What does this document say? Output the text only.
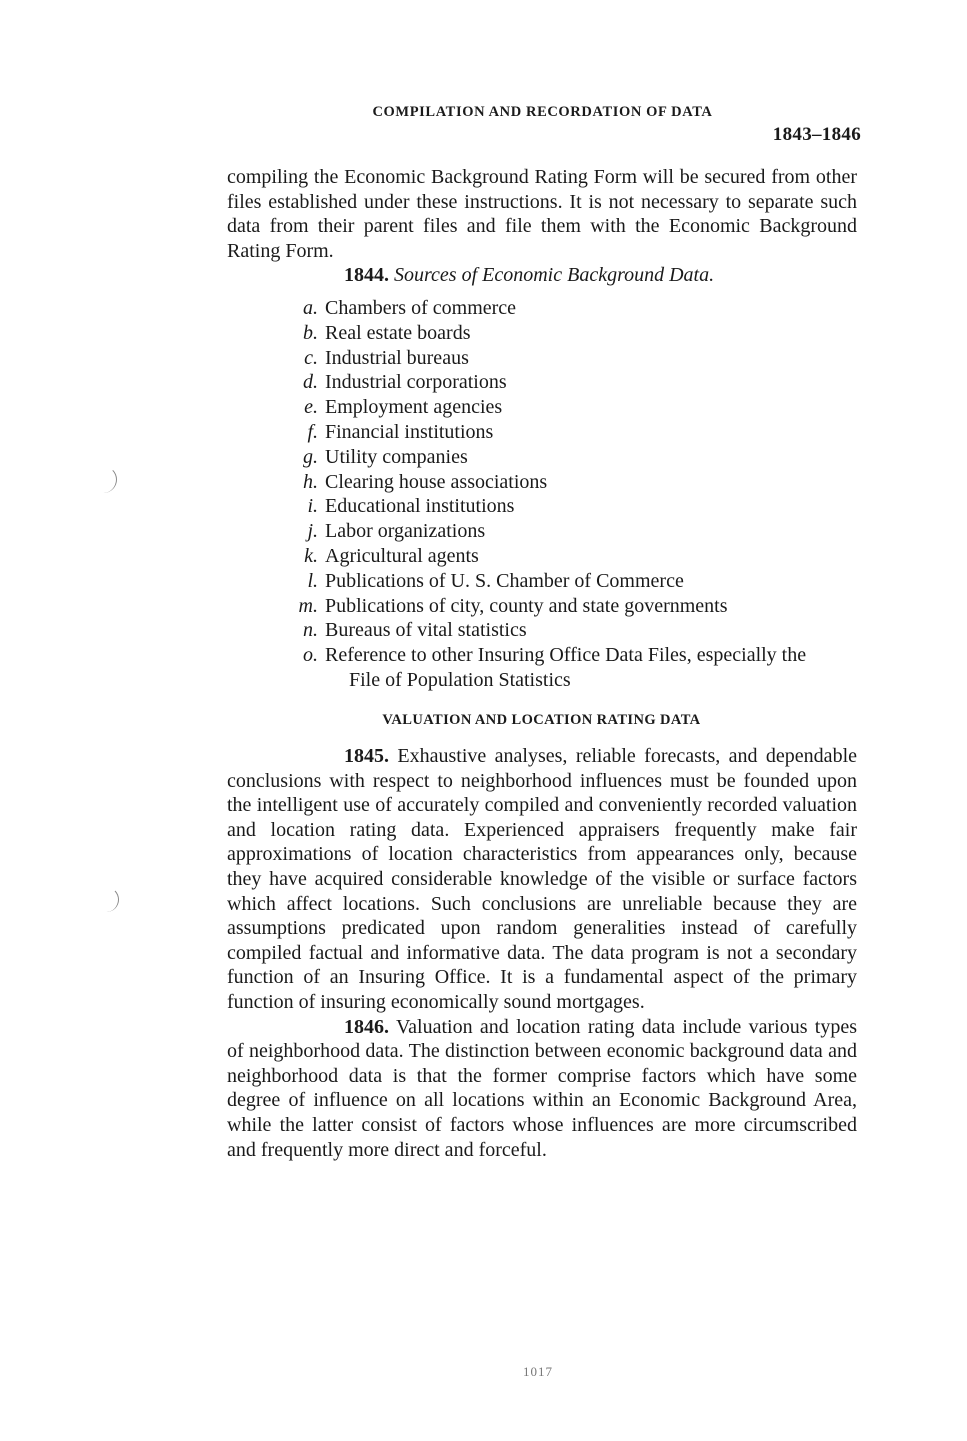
COMPILATION AND RECORDATION OF DATA
1843–1846

compiling the Economic Background Rating Form will be secured from other files established under these instructions. It is not necessary to separate such data from their parent files and file them with the Economic Background Rating Form.

1844. Sources of Economic Background Data.
a. Chambers of commerce
b. Real estate boards
c. Industrial bureaus
d. Industrial corporations
e. Employment agencies
f. Financial institutions
g. Utility companies
h. Clearing house associations
i. Educational institutions
j. Labor organizations
k. Agricultural agents
l. Publications of U. S. Chamber of Commerce
m. Publications of city, county and state governments
n. Bureaus of vital statistics
o. Reference to other Insuring Office Data Files, especially the
File of Population Statistics
VALUATION AND LOCATION RATING DATA

1845. Exhaustive analyses, reliable forecasts, and dependable conclusions with respect to neighborhood influences must be founded upon the intelligent use of accurately compiled and conveniently recorded valuation and location rating data. Experienced appraisers frequently make fair approximations of location characteristics from appearances only, because they have acquired considerable knowledge of the visible or surface factors which affect locations. Such conclusions are unreliable because they are assumptions predicated upon random generalities instead of carefully compiled factual and informative data. The data program is not a secondary function of an Insuring Office. It is a fundamental aspect of the primary function of insuring economically sound mortgages.

1846. Valuation and location rating data include various types of neighborhood data. The distinction between economic background data and neighborhood data is that the former comprise factors which have some degree of influence on all locations within an Economic Background Area, while the latter consist of factors whose influences are more circumscribed and frequently more direct and forceful.

1017
